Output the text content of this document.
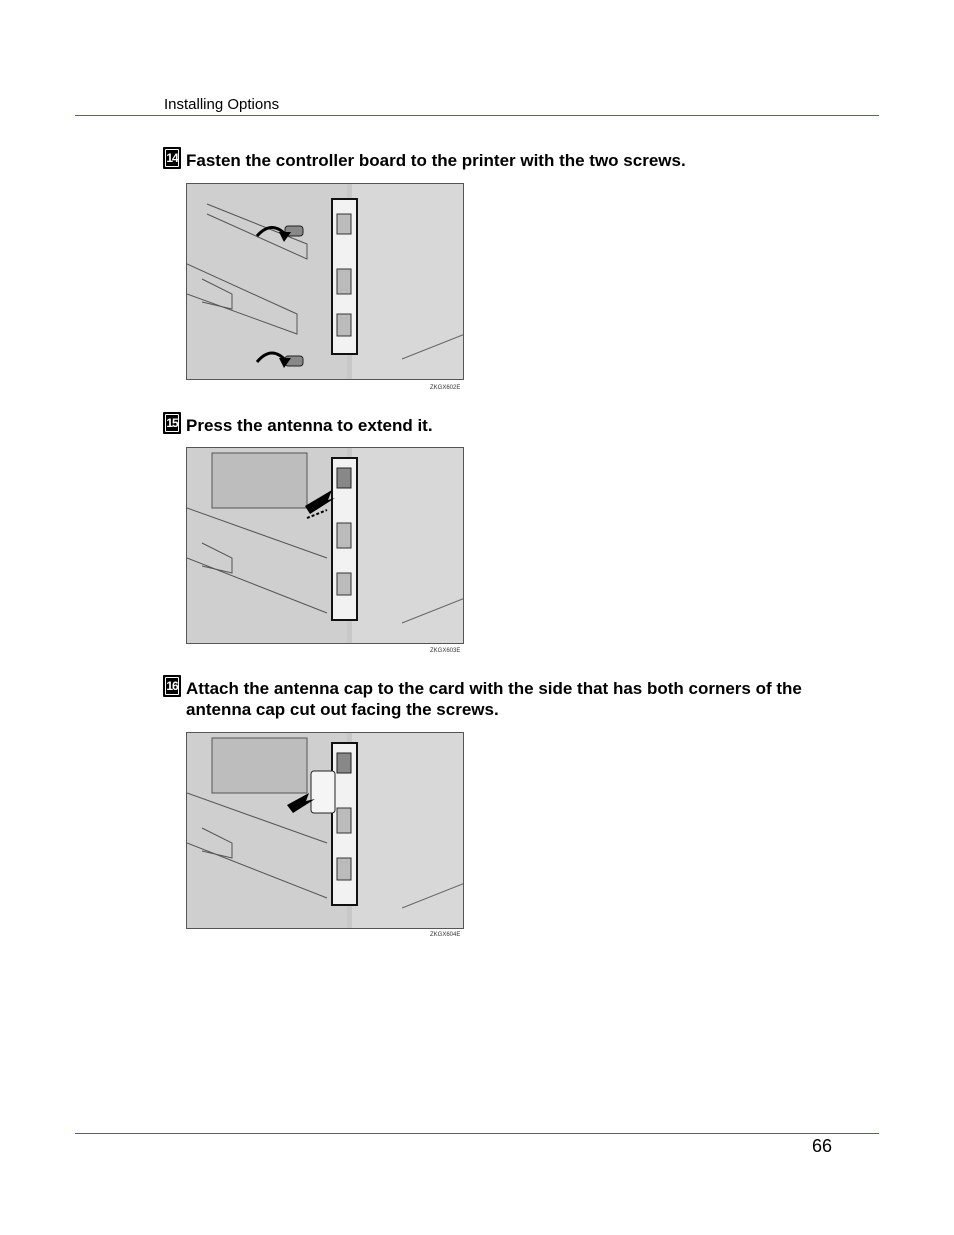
Installing Options
14 Fasten the controller board to the printer with the two screws.
ZKGX602E
15 Press the antenna to extend it.
ZKGX603E
16 Attach the antenna cap to the card with the side that has both corners of the antenna cap cut out facing the screws.
ZKGX604E
66
